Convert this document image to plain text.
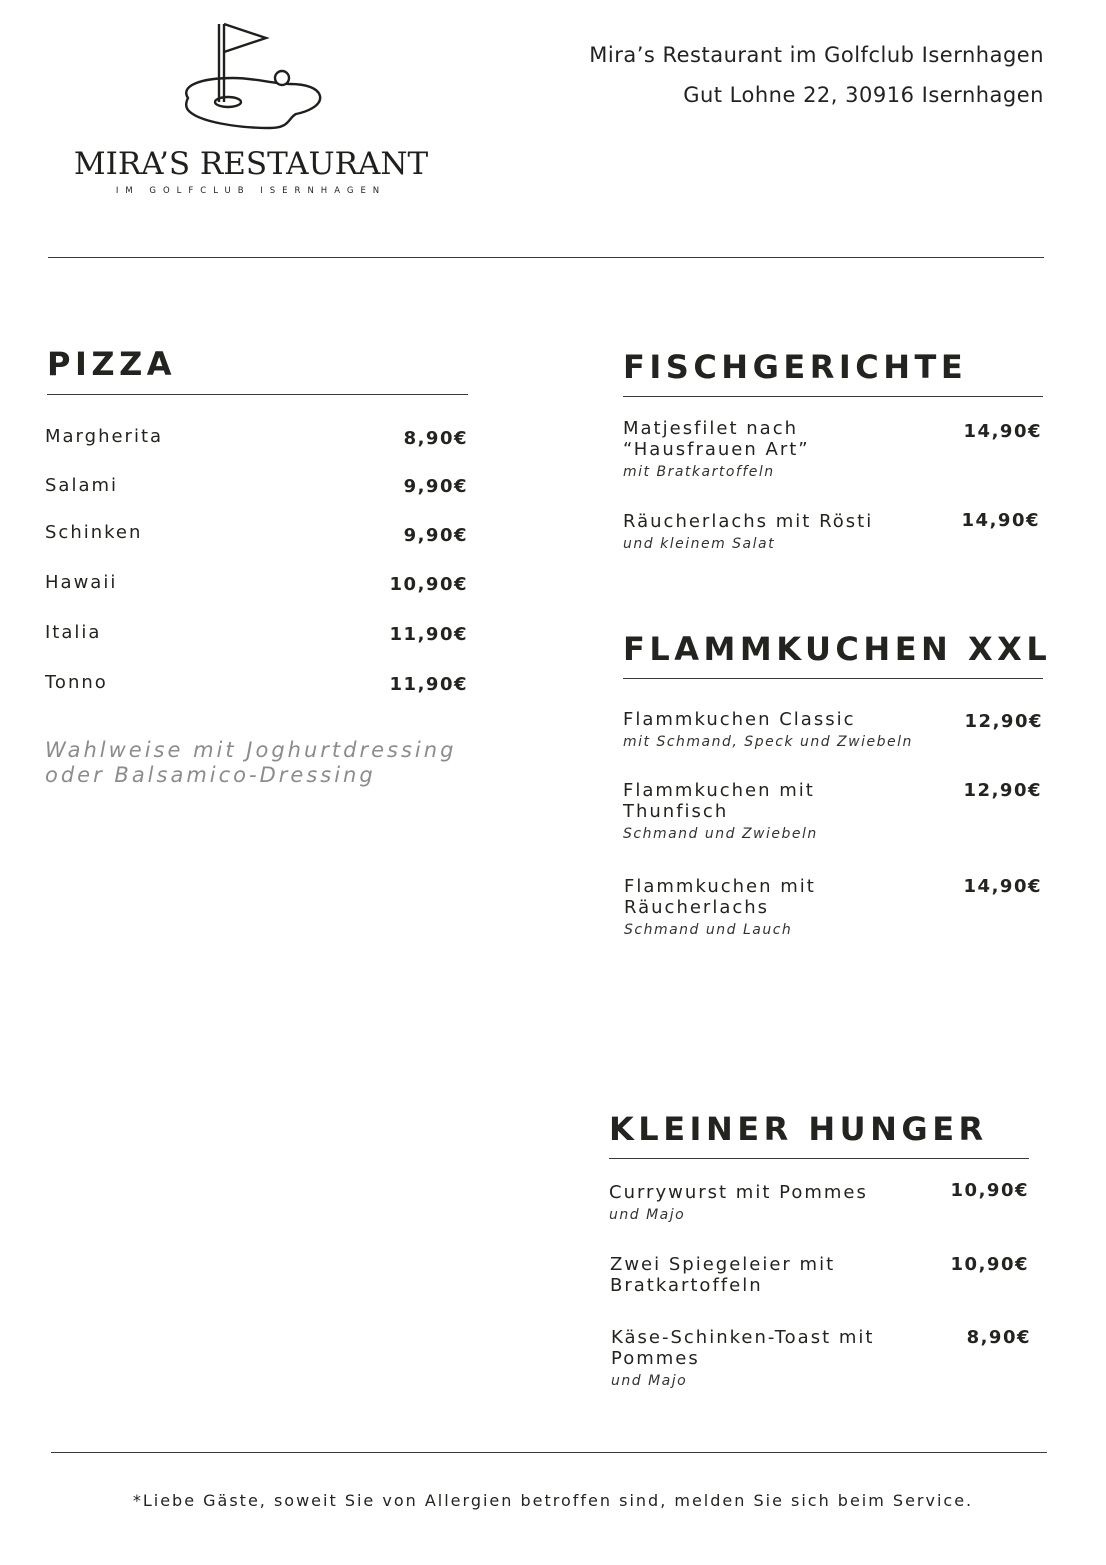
MIRA’S RESTAURANT
IM GOLFCLUB ISERNHAGEN
Mira’s Restaurant im Golfclub Isernhagen
Gut Lohne 22, 30916 Isernhagen
PIZZA
Margherita	8,90€
Salami	9,90€
Schinken	9,90€
Hawaii	10,90€
Italia	11,90€
Tonno	11,90€
Wahlweise mit Joghurtdressing
oder Balsamico-Dressing
FISCHGERICHTE
Matjesfilet nach
“Hausfrauen Art”
mit Bratkartoffeln
14,90€
Räucherlachs mit Rösti
und kleinem Salat
14,90€
FLAMMKUCHEN XXL
Flammkuchen Classic
mit Schmand, Speck und Zwiebeln
12,90€
Flammkuchen mit
Thunfisch
Schmand und Zwiebeln
12,90€
Flammkuchen mit
Räucherlachs
Schmand und Lauch
14,90€
KLEINER HUNGER
Currywurst mit Pommes
und Majo
10,90€
Zwei Spiegeleier mit
Bratkartoffeln
10,90€
Käse-Schinken-Toast mit
Pommes
und Majo
8,90€
*Liebe Gäste, soweit Sie von Allergien betroffen sind, melden Sie sich beim Service.
